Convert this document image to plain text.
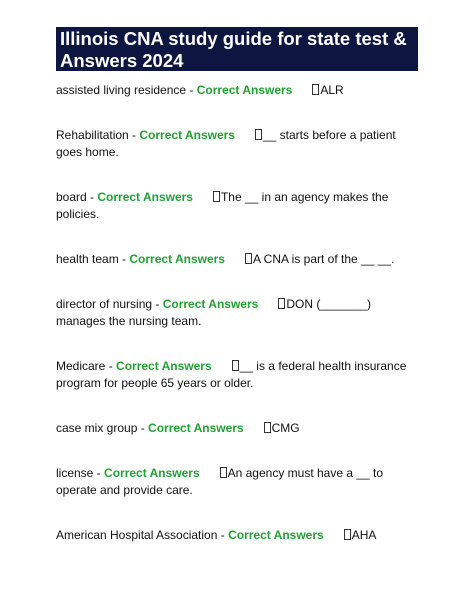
Illinois CNA study guide for state test & Answers 2024
assisted living residence - Correct Answers ALR
Rehabilitation - Correct Answers __ starts before a patient goes home.
board - Correct Answers The __ in an agency makes the policies.
health team - Correct Answers A CNA is part of the __ __.
director of nursing - Correct Answers DON (_______) manages the nursing team.
Medicare - Correct Answers __ is a federal health insurance program for people 65 years or older.
case mix group - Correct Answers CMG
license - Correct Answers An agency must have a __ to operate and provide care.
American Hospital Association - Correct Answers AHA
